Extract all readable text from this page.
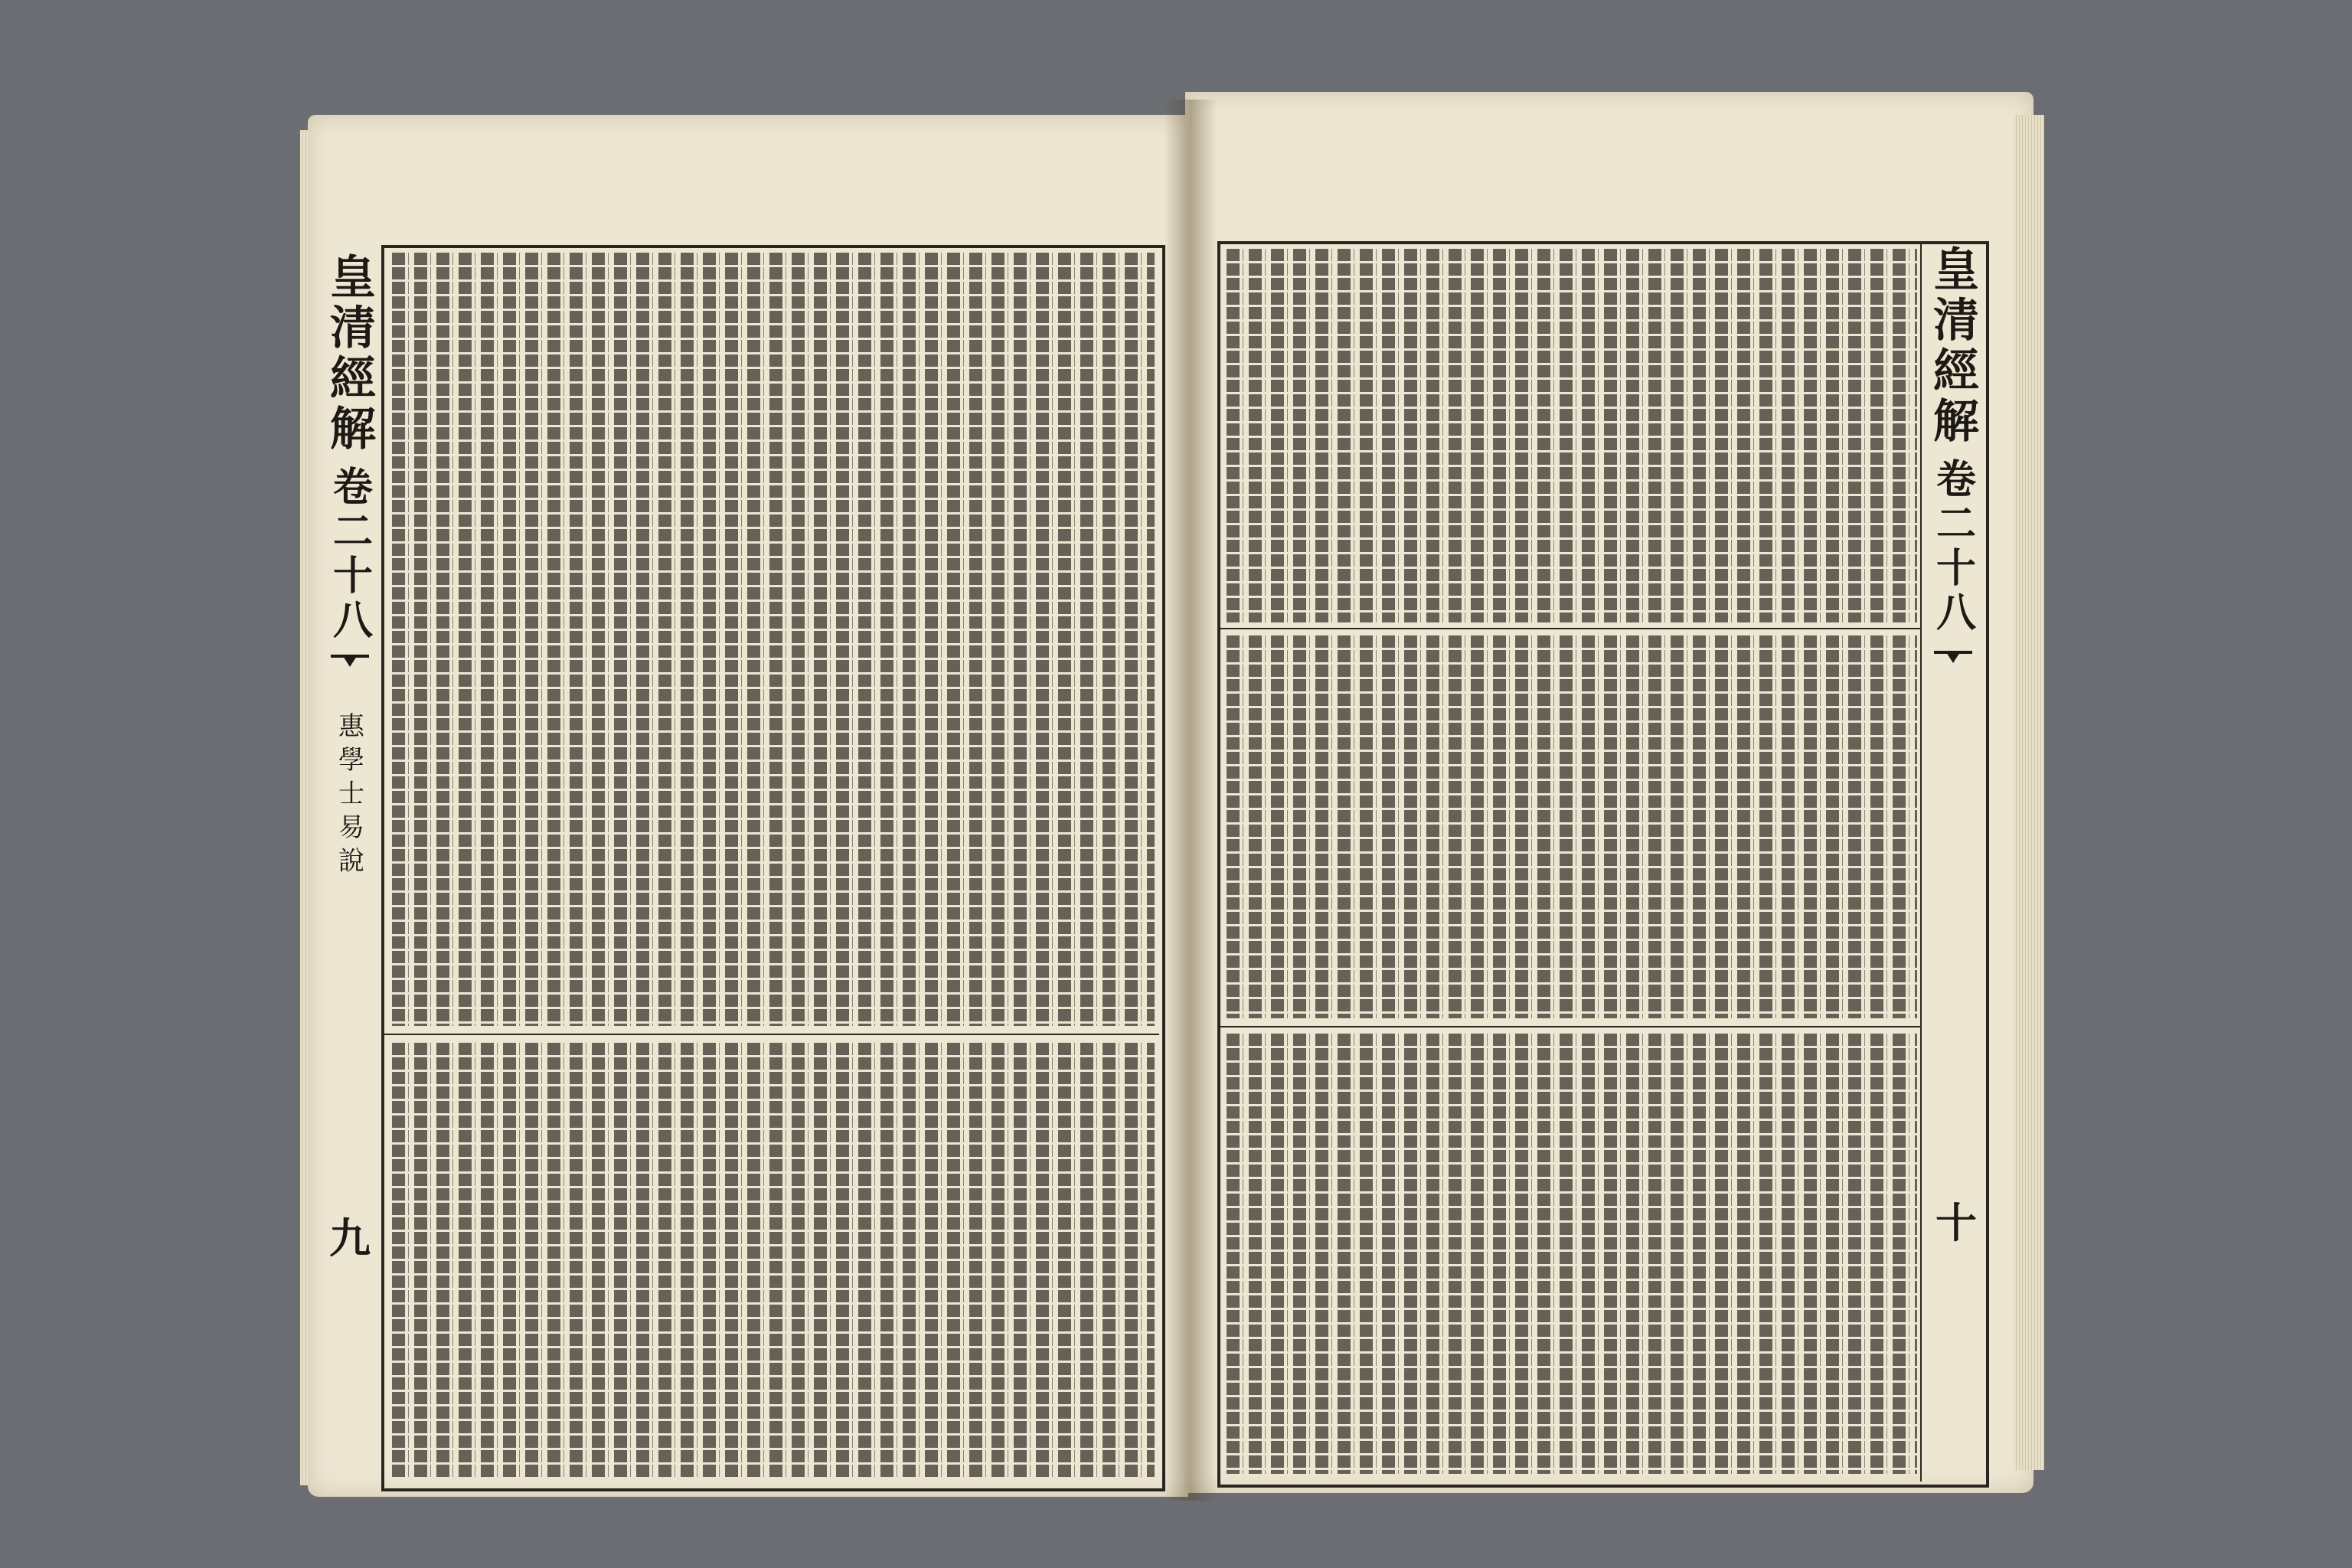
皇清經解
卷二十八
惠學士易說
九
皇清經解
卷二十八
十
